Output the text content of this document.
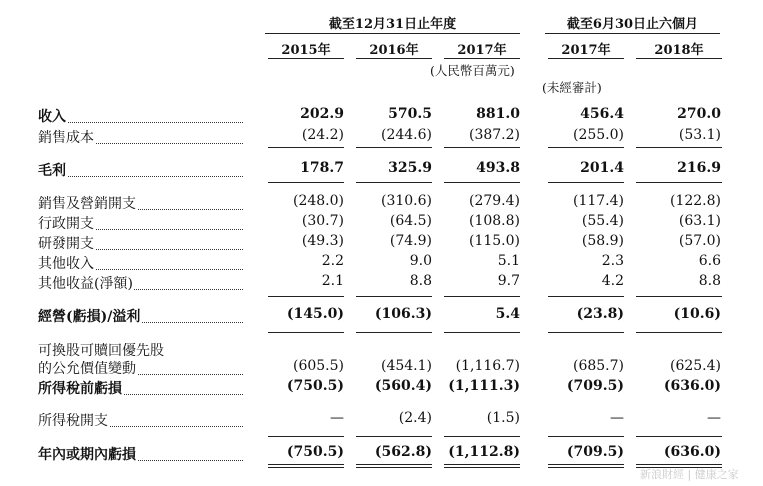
截至12月31日止年度	截至6月30日止六個月
2015年	2016年	2017年	2017年	2018年
(人民幣百萬元)
(未經審計)
收入	202.9	570.5	881.0	456.4	270.0
銷售成本	(24.2)	(244.6)	(387.2)	(255.0)	(53.1)
毛利	178.7	325.9	493.8	201.4	216.9
銷售及營銷開支	(248.0)	(310.6)	(279.4)	(117.4)	(122.8)
行政開支	(30.7)	(64.5)	(108.8)	(55.4)	(63.1)
研發開支	(49.3)	(74.9)	(115.0)	(58.9)	(57.0)
其他收入	2.2	9.0	5.1	2.3	6.6
其他收益(淨額)	2.1	8.8	9.7	4.2	8.8
經營(虧損)/溢利	(145.0)	(106.3)	5.4	(23.8)	(10.6)
可換股可贖回優先股
的公允價值變動	(605.5)	(454.1)	(1,116.7)	(685.7)	(625.4)
所得稅前虧損	(750.5)	(560.4)	(1,111.3)	(709.5)	(636.0)
所得稅開支	—	(2.4)	(1.5)	—	—
年內或期內虧損	(750.5)	(562.8)	(1,112.8)	(709.5)	(636.0)
新浪財經 | 健康之家
